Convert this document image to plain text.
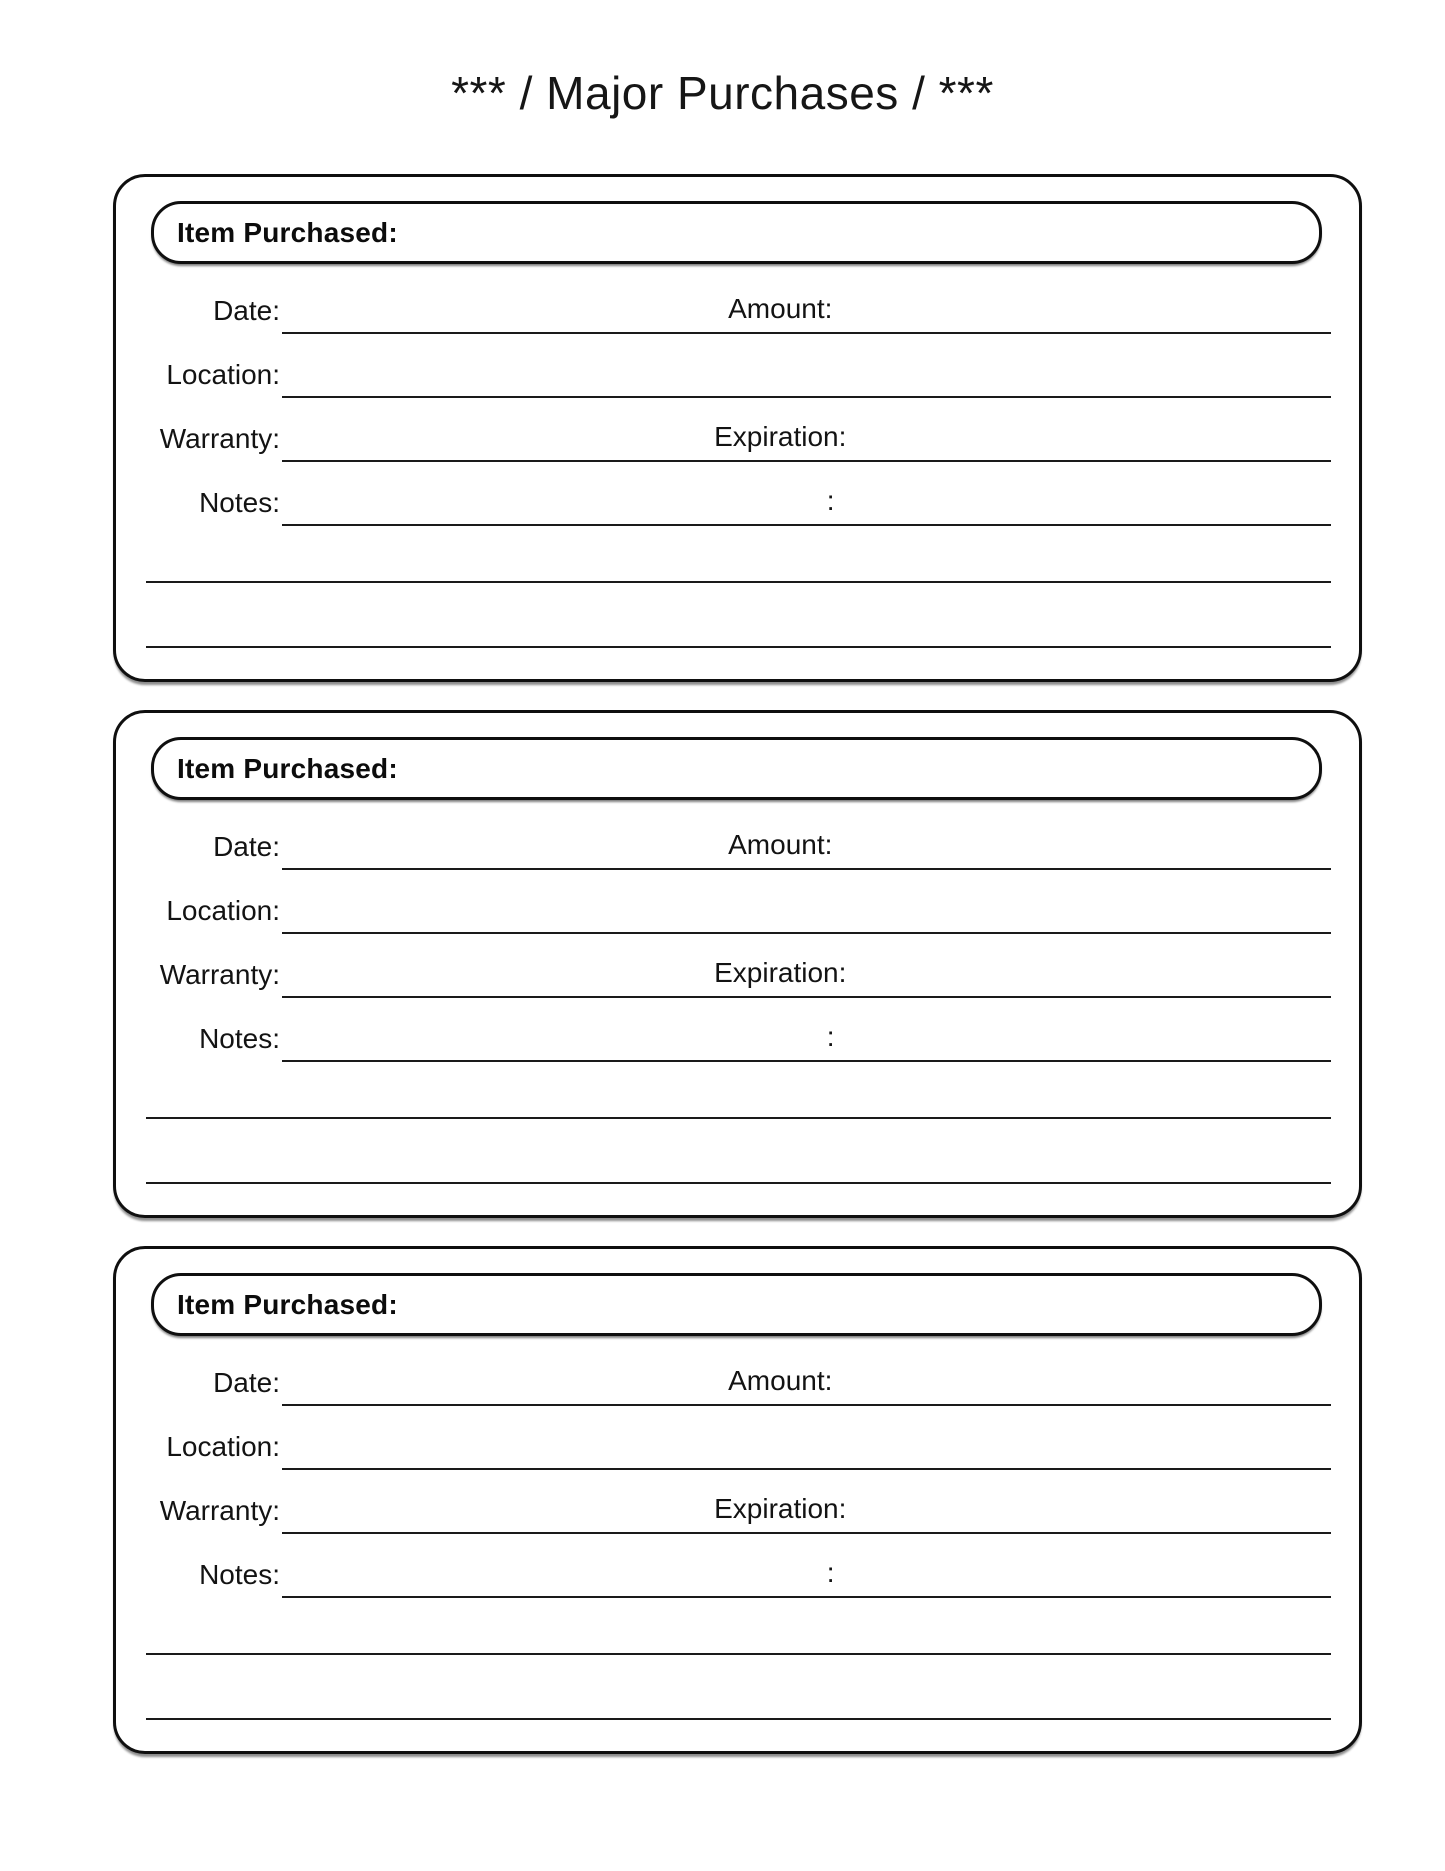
*** / Major Purchases / ***
Item Purchased:
Date:	Amount:
Location:
Warranty:	Expiration:
Notes:	:
Item Purchased:
Date:	Amount:
Location:
Warranty:	Expiration:
Notes:	:
Item Purchased:
Date:	Amount:
Location:
Warranty:	Expiration:
Notes:	:
